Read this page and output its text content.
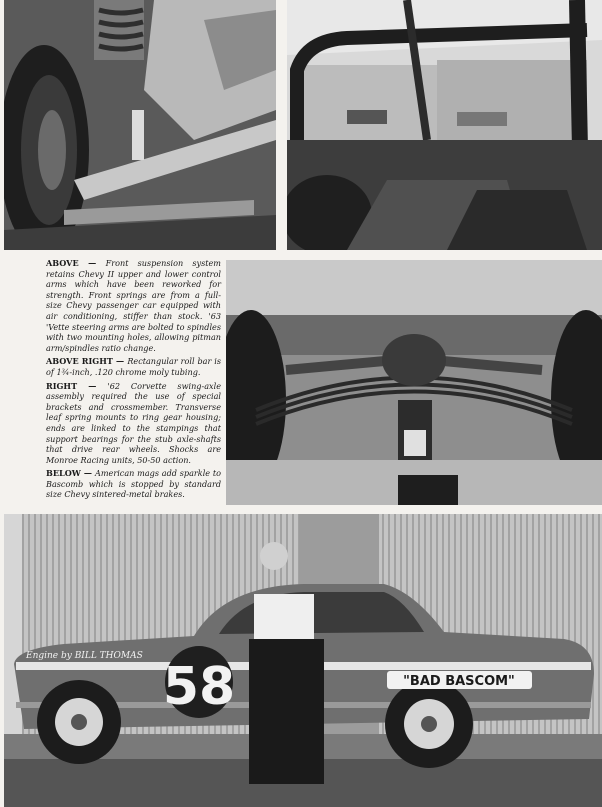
ABOVE — Front suspension system retains Chevy II upper and lower control arms which have been reworked for strength. Front springs are from a full-size Chevy passenger car equipped with air conditioning, stiffer than stock. '63 'Vette steering arms are bolted to spindles with two mounting holes, allowing pitman arm/spindles ratio change.

ABOVE RIGHT — Rectangular roll bar is of 1¾-inch, .120 chrome moly tubing.

RIGHT — '62 Corvette swing-axle assembly required the use of special brackets and crossmember. Transverse leaf spring mounts to ring gear housing; ends are linked to the stampings that support bearings for the stub axle-shafts that drive rear wheels. Shocks are Monroe Racing units, 50-50 action.

BELOW — American mags add sparkle to Bascomb which is stopped by standard size Chevy sintered-metal brakes.

58	"BAD BASCOM"
Engine by BILL THOMAS
